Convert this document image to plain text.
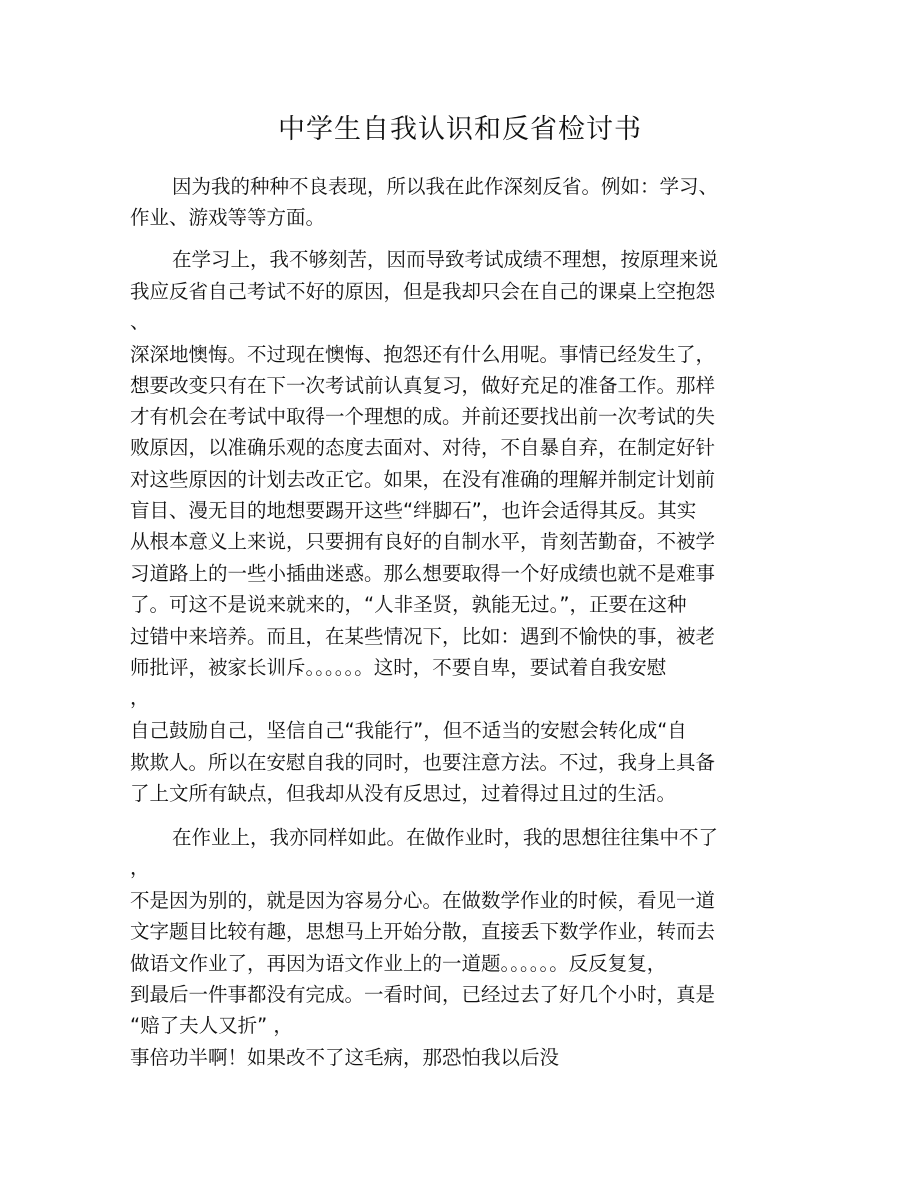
中学生自我认识和反省检讨书
因为我的种种不良表现，所以我在此作深刻反省。例如：学习、
作业、游戏等等方面。
在学习上，我不够刻苦，因而导致考试成绩不理想，按原理来说
我应反省自己考试不好的原因，但是我却只会在自己的课桌上空抱怨
、
深深地懊悔。不过现在懊悔、抱怨还有什么用呢。事情已经发生了，
想要改变只有在下一次考试前认真复习，做好充足的准备工作。那样
才有机会在考试中取得一个理想的成。并前还要找出前一次考试的失
败原因，以准确乐观的态度去面对、对待，不自暴自弃，在制定好针
对这些原因的计划去改正它。如果，在没有准确的理解并制定计划前
盲目、漫无目的地想要踢开这些“绊脚石”，也许会适得其反。其实
从根本意义上来说，只要拥有良好的自制水平，肯刻苦勤奋，不被学
习道路上的一些小插曲迷惑。那么想要取得一个好成绩也就不是难事
了。可这不是说来就来的，“人非圣贤，孰能无过。”，正要在这种
过错中来培养。而且，在某些情况下，比如：遇到不愉快的事，被老
师批评，被家长训斥。。。。。。这时，不要自卑，要试着自我安慰
，
自己鼓励自己，坚信自己“我能行”，但不适当的安慰会转化成“自
欺欺人。所以在安慰自我的同时，也要注意方法。不过，我身上具备
了上文所有缺点，但我却从没有反思过，过着得过且过的生活。
在作业上，我亦同样如此。在做作业时，我的思想往往集中不了
，
不是因为别的，就是因为容易分心。在做数学作业的时候，看见一道
文字题目比较有趣，思想马上开始分散，直接丢下数学作业，转而去
做语文作业了，再因为语文作业上的一道题。。。。。。反反复复，
到最后一件事都没有完成。一看时间，已经过去了好几个小时，真是
“赔了夫人又折” ，
事倍功半啊！如果改不了这毛病，那恐怕我以后没
